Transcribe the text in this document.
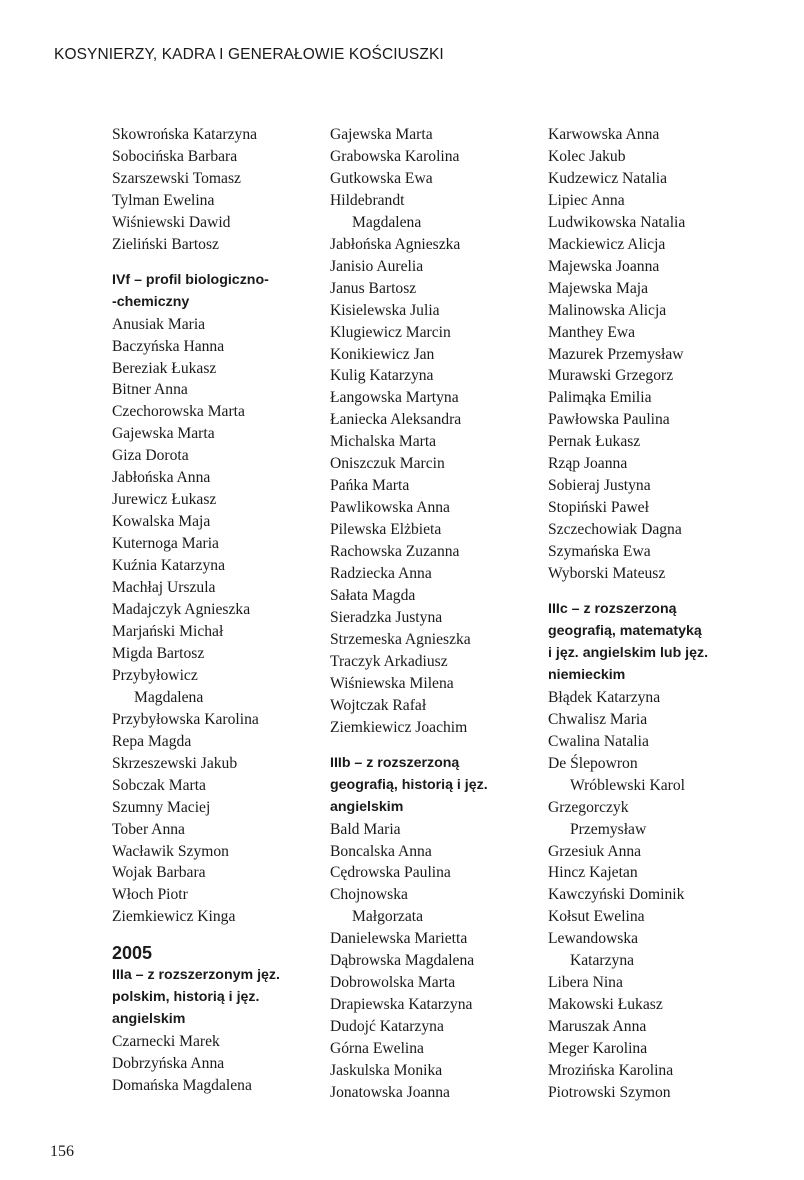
KOSYNIERZY, KADRA I GENERAŁOWIE KOŚCIUSZKI
Skowrońska Katarzyna
Sobocińska Barbara
Szarszewski Tomasz
Tylman Ewelina
Wiśniewski Dawid
Zieliński Bartosz
IVf – profil biologiczno-
-chemiczny
Anusiak Maria
Baczyńska Hanna
Bereziak Łukasz
Bitner Anna
Czechorowska Marta
Gajewska Marta
Giza Dorota
Jabłońska Anna
Jurewicz Łukasz
Kowalska Maja
Kuternoga Maria
Kuźnia Katarzyna
Machłaj Urszula
Madajczyk Agnieszka
Marjański Michał
Migda Bartosz
Przybyłowicz
Magdalena
Przybyłowska Karolina
Repa Magda
Skrzeszewski Jakub
Sobczak Marta
Szumny Maciej
Tober Anna
Wacławik Szymon
Wojak Barbara
Włoch Piotr
Ziemkiewicz Kinga
2005
IIIa – z rozszerzonym jęz.
polskim, historią i jęz.
angielskim
Czarnecki Marek
Dobrzyńska Anna
Domańska Magdalena
Gajewska Marta
Grabowska Karolina
Gutkowska Ewa
Hildebrandt
Magdalena
Jabłońska Agnieszka
Janisio Aurelia
Janus Bartosz
Kisielewska Julia
Klugiewicz Marcin
Konikiewicz Jan
Kulig Katarzyna
Łangowska Martyna
Łaniecka Aleksandra
Michalska Marta
Oniszczuk Marcin
Pańka Marta
Pawlikowska Anna
Pilewska Elżbieta
Rachowska Zuzanna
Radziecka Anna
Sałata Magda
Sieradzka Justyna
Strzemeska Agnieszka
Traczyk Arkadiusz
Wiśniewska Milena
Wojtczak Rafał
Ziemkiewicz Joachim
IIIb – z rozszerzoną
geografią, historią i jęz.
angielskim
Bald Maria
Boncalska Anna
Cędrowska Paulina
Chojnowska
Małgorzata
Danielewska Marietta
Dąbrowska Magdalena
Dobrowolska Marta
Drapiewska Katarzyna
Dudojć Katarzyna
Górna Ewelina
Jaskulska Monika
Jonatowska Joanna
Karwowska Anna
Kolec Jakub
Kudzewicz Natalia
Lipiec Anna
Ludwikowska Natalia
Mackiewicz Alicja
Majewska Joanna
Majewska Maja
Malinowska Alicja
Manthey Ewa
Mazurek Przemysław
Murawski Grzegorz
Palimąka Emilia
Pawłowska Paulina
Pernak Łukasz
Rząp Joanna
Sobieraj Justyna
Stopiński Paweł
Szczechowiak Dagna
Szymańska Ewa
Wyborski Mateusz
IIIc – z rozszerzoną
geografią, matematyką
i jęz. angielskim lub jęz.
niemieckim
Błądek Katarzyna
Chwalisz Maria
Cwalina Natalia
De Ślepowron
Wróblewski Karol
Grzegorczyk
Przemysław
Grzesiuk Anna
Hincz Kajetan
Kawczyński Dominik
Kołsut Ewelina
Lewandowska
Katarzyna
Libera Nina
Makowski Łukasz
Maruszak Anna
Meger Karolina
Mrozińska Karolina
Piotrowski Szymon
156
